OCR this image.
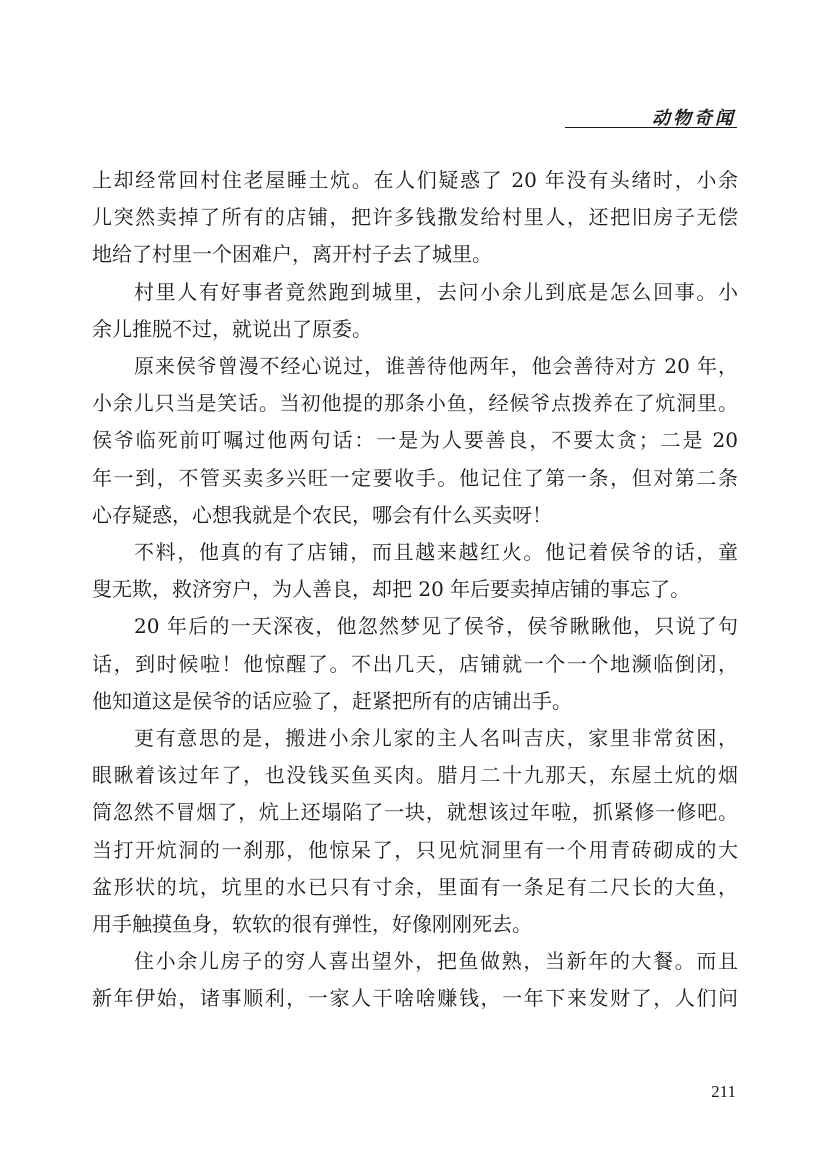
动物奇闻

上却经常回村住老屋睡土炕。在人们疑惑了 20 年没有头绪时，小余
儿突然卖掉了所有的店铺，把许多钱撒发给村里人，还把旧房子无偿
地给了村里一个困难户，离开村子去了城里。

村里人有好事者竟然跑到城里，去问小余儿到底是怎么回事。小
余儿推脱不过，就说出了原委。

原来侯爷曾漫不经心说过，谁善待他两年，他会善待对方 20 年，
小余儿只当是笑话。当初他提的那条小鱼，经候爷点拨养在了炕洞里。
侯爷临死前叮嘱过他两句话：一是为人要善良，不要太贪；二是 20
年一到，不管买卖多兴旺一定要收手。他记住了第一条，但对第二条
心存疑惑，心想我就是个农民，哪会有什么买卖呀！

不料，他真的有了店铺，而且越来越红火。他记着侯爷的话，童
叟无欺，救济穷户，为人善良，却把 20 年后要卖掉店铺的事忘了。

20 年后的一天深夜，他忽然梦见了侯爷，侯爷瞅瞅他，只说了句
话，到时候啦！他惊醒了。不出几天，店铺就一个一个地濒临倒闭，
他知道这是侯爷的话应验了，赶紧把所有的店铺出手。

更有意思的是，搬进小余儿家的主人名叫吉庆，家里非常贫困，
眼瞅着该过年了，也没钱买鱼买肉。腊月二十九那天，东屋土炕的烟
筒忽然不冒烟了，炕上还塌陷了一块，就想该过年啦，抓紧修一修吧。
当打开炕洞的一刹那，他惊呆了，只见炕洞里有一个用青砖砌成的大
盆形状的坑，坑里的水已只有寸余，里面有一条足有二尺长的大鱼，
用手触摸鱼身，软软的很有弹性，好像刚刚死去。

住小余儿房子的穷人喜出望外，把鱼做熟，当新年的大餐。而且
新年伊始，诸事顺利，一家人干啥啥赚钱，一年下来发财了，人们问

211
